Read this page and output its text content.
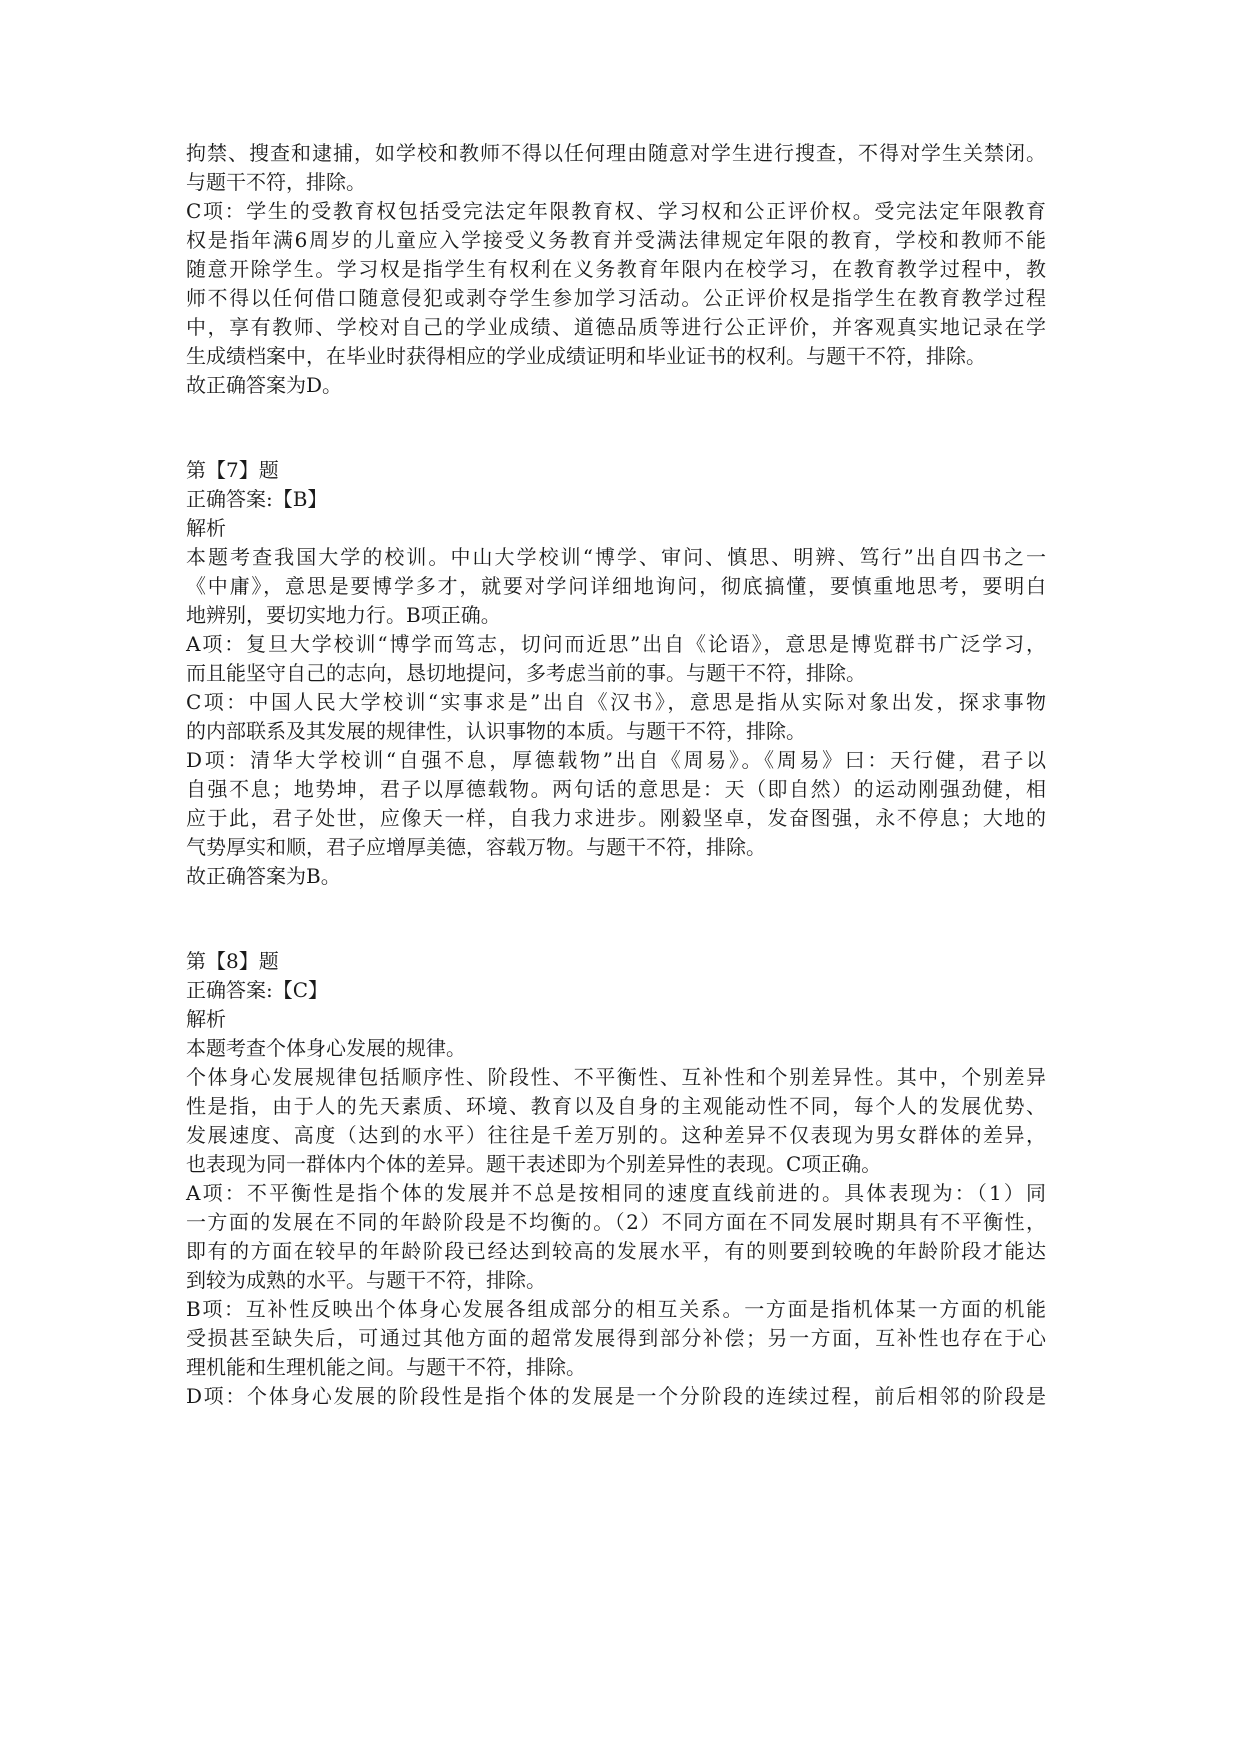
拘禁、搜查和逮捕，如学校和教师不得以任何理由随意对学生进行搜查，不得对学生关禁闭。
与题干不符，排除。
C项：学生的受教育权包括受完法定年限教育权、学习权和公正评价权。受完法定年限教育
权是指年满6周岁的儿童应入学接受义务教育并受满法律规定年限的教育，学校和教师不能
随意开除学生。学习权是指学生有权利在义务教育年限内在校学习，在教育教学过程中，教
师不得以任何借口随意侵犯或剥夺学生参加学习活动。公正评价权是指学生在教育教学过程
中，享有教师、学校对自己的学业成绩、道德品质等进行公正评价，并客观真实地记录在学
生成绩档案中，在毕业时获得相应的学业成绩证明和毕业证书的权利。与题干不符，排除。
故正确答案为D。
第【7】题
正确答案:【B】
解析
本题考查我国大学的校训。中山大学校训“博学、审问、慎思、明辨、笃行”出自四书之一
《中庸》，意思是要博学多才，就要对学问详细地询问，彻底搞懂，要慎重地思考，要明白
地辨别，要切实地力行。B项正确。
A项：复旦大学校训“博学而笃志，切问而近思”出自《论语》，意思是博览群书广泛学习，
而且能坚守自己的志向，恳切地提问，多考虑当前的事。与题干不符，排除。
C项：中国人民大学校训“实事求是”出自《汉书》，意思是指从实际对象出发，探求事物
的内部联系及其发展的规律性，认识事物的本质。与题干不符，排除。
D项：清华大学校训“自强不息，厚德载物”出自《周易》。《周易》曰：天行健，君子以
自强不息；地势坤，君子以厚德载物。两句话的意思是：天（即自然）的运动刚强劲健，相
应于此，君子处世，应像天一样，自我力求进步。刚毅坚卓，发奋图强，永不停息；大地的
气势厚实和顺，君子应增厚美德，容载万物。与题干不符，排除。
故正确答案为B。
第【8】题
正确答案:【C】
解析
本题考查个体身心发展的规律。
个体身心发展规律包括顺序性、阶段性、不平衡性、互补性和个别差异性。其中，个别差异
性是指，由于人的先天素质、环境、教育以及自身的主观能动性不同，每个人的发展优势、
发展速度、高度（达到的水平）往往是千差万别的。这种差异不仅表现为男女群体的差异，
也表现为同一群体内个体的差异。题干表述即为个别差异性的表现。C项正确。
A项：不平衡性是指个体的发展并不总是按相同的速度直线前进的。具体表现为：（1）同
一方面的发展在不同的年龄阶段是不均衡的。（2）不同方面在不同发展时期具有不平衡性，
即有的方面在较早的年龄阶段已经达到较高的发展水平，有的则要到较晚的年龄阶段才能达
到较为成熟的水平。与题干不符，排除。
B项：互补性反映出个体身心发展各组成部分的相互关系。一方面是指机体某一方面的机能
受损甚至缺失后，可通过其他方面的超常发展得到部分补偿；另一方面，互补性也存在于心
理机能和生理机能之间。与题干不符，排除。
D项：个体身心发展的阶段性是指个体的发展是一个分阶段的连续过程，前后相邻的阶段是
